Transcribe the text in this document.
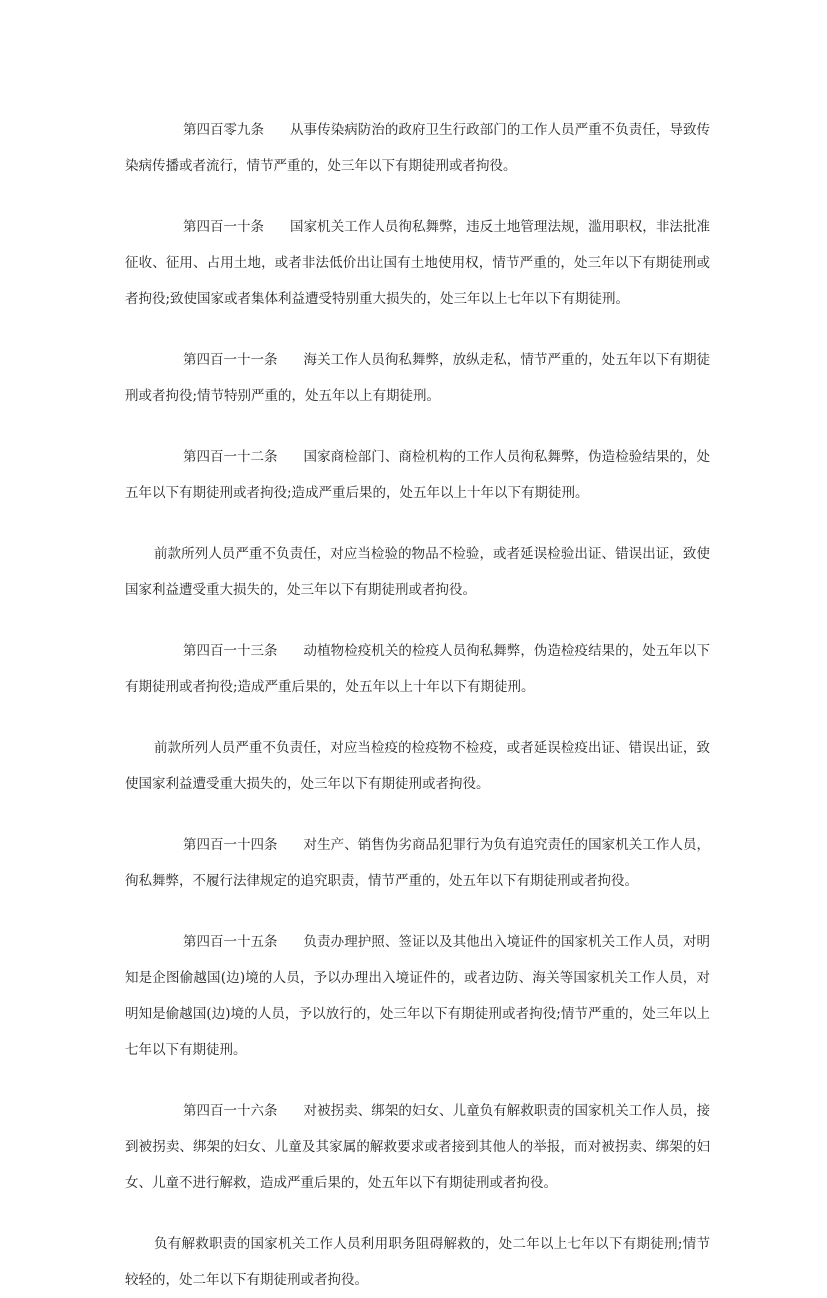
第四百零九条 从事传染病防治的政府卫生行政部门的工作人员严重不负责任，导致传染病传播或者流行，情节严重的，处三年以下有期徒刑或者拘役。

第四百一十条 国家机关工作人员徇私舞弊，违反土地管理法规，滥用职权，非法批准征收、征用、占用土地，或者非法低价出让国有土地使用权，情节严重的，处三年以下有期徒刑或者拘役;致使国家或者集体利益遭受特别重大损失的，处三年以上七年以下有期徒刑。

第四百一十一条 海关工作人员徇私舞弊，放纵走私，情节严重的，处五年以下有期徒刑或者拘役;情节特别严重的，处五年以上有期徒刑。

第四百一十二条 国家商检部门、商检机构的工作人员徇私舞弊，伪造检验结果的，处五年以下有期徒刑或者拘役;造成严重后果的，处五年以上十年以下有期徒刑。

前款所列人员严重不负责任，对应当检验的物品不检验，或者延误检验出证、错误出证，致使国家利益遭受重大损失的，处三年以下有期徒刑或者拘役。

第四百一十三条 动植物检疫机关的检疫人员徇私舞弊，伪造检疫结果的，处五年以下有期徒刑或者拘役;造成严重后果的，处五年以上十年以下有期徒刑。

前款所列人员严重不负责任，对应当检疫的检疫物不检疫，或者延误检疫出证、错误出证，致使国家利益遭受重大损失的，处三年以下有期徒刑或者拘役。

第四百一十四条 对生产、销售伪劣商品犯罪行为负有追究责任的国家机关工作人员，徇私舞弊，不履行法律规定的追究职责，情节严重的，处五年以下有期徒刑或者拘役。

第四百一十五条 负责办理护照、签证以及其他出入境证件的国家机关工作人员，对明知是企图偷越国(边)境的人员，予以办理出入境证件的，或者边防、海关等国家机关工作人员，对明知是偷越国(边)境的人员，予以放行的，处三年以下有期徒刑或者拘役;情节严重的，处三年以上七年以下有期徒刑。

第四百一十六条 对被拐卖、绑架的妇女、儿童负有解救职责的国家机关工作人员，接到被拐卖、绑架的妇女、儿童及其家属的解救要求或者接到其他人的举报，而对被拐卖、绑架的妇女、儿童不进行解救，造成严重后果的，处五年以下有期徒刑或者拘役。

负有解救职责的国家机关工作人员利用职务阻碍解救的，处二年以上七年以下有期徒刑;情节较轻的，处二年以下有期徒刑或者拘役。
